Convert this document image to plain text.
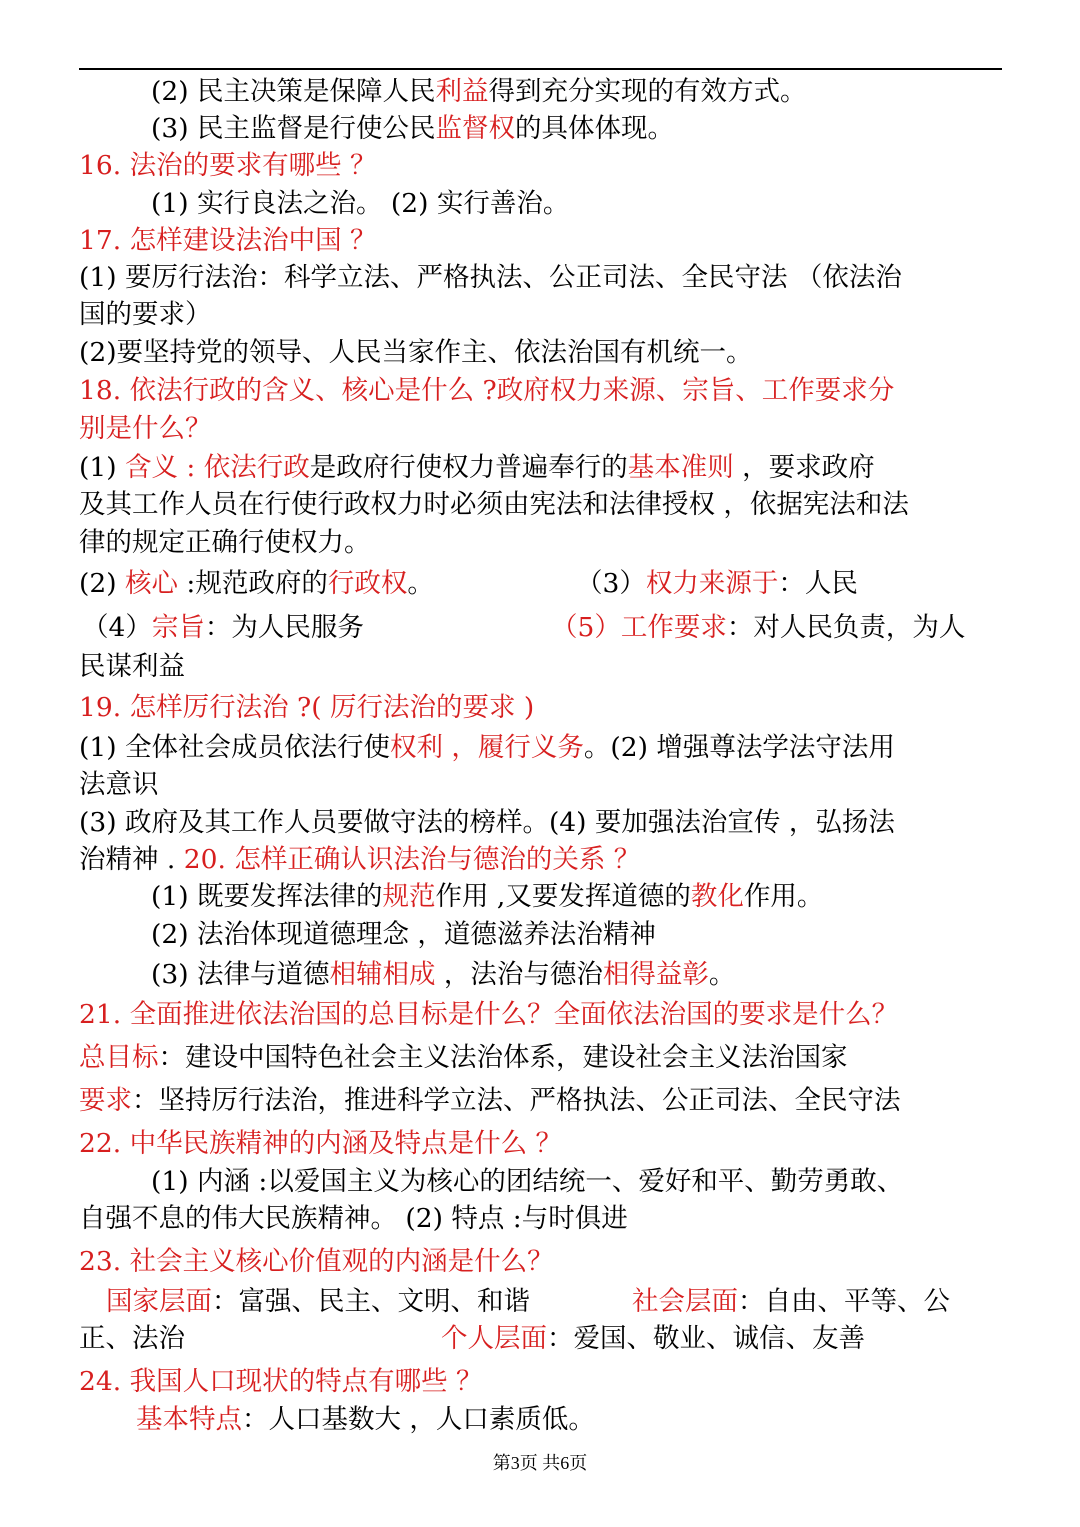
(2) 民主决策是保障人民利益得到充分实现的有效方式。
(3) 民主监督是行使公民监督权的具体体现。
16. 法治的要求有哪些 ？
(1) 实行良法之治。 (2) 实行善治。
17. 怎样建设法治中国 ？
(1) 要厉行法治：科学立法、严格执法、公正司法、全民守法 （依法治
国的要求）
(2)要坚持党的领导、人民当家作主、依法治国有机统一。
18. 依法行政的含义、核心是什么 ?政府权力来源、宗旨、工作要求分
别是什么？
(1) 含义 : 依法行政是政府行使权力普遍奉行的基本准则 ，要求政府
及其工作人员在行使行政权力时必须由宪法和法律授权 ，依据宪法和法
律的规定正确行使权力。
(2) 核心 :规范政府的行政权。	（3）权力来源于：人民
（4）宗旨：为人民服务	（5）工作要求：对人民负责，为人
民谋利益
19. 怎样厉行法治 ?( 厉行法治的要求 )
(1) 全体社会成员依法行使权利 ，履行义务。(2) 增强尊法学法守法用
法意识
(3) 政府及其工作人员要做守法的榜样。(4) 要加强法治宣传 ，弘扬法
治精神 . 20. 怎样正确认识法治与德治的关系 ？
(1) 既要发挥法律的规范作用 ,又要发挥道德的教化作用。
(2) 法治体现道德理念 ，道德滋养法治精神
(3) 法律与道德相辅相成 ，法治与德治相得益彰。
21. 全面推进依法治国的总目标是什么？全面依法治国的要求是什么？
总目标：建设中国特色社会主义法治体系，建设社会主义法治国家
要求：坚持厉行法治，推进科学立法、严格执法、公正司法、全民守法
22. 中华民族精神的内涵及特点是什么 ？
(1) 内涵 :以爱国主义为核心的团结统一、爱好和平、勤劳勇敢、
自强不息的伟大民族精神。 (2) 特点 :与时俱进
23. 社会主义核心价值观的内涵是什么？
国家层面：富强、民主、文明、和谐	社会层面：自由、平等、公
正、法治	个人层面：爱国、敬业、诚信、友善
24. 我国人口现状的特点有哪些 ？
基本特点：人口基数大 ，人口素质低。
第3页 共6页
